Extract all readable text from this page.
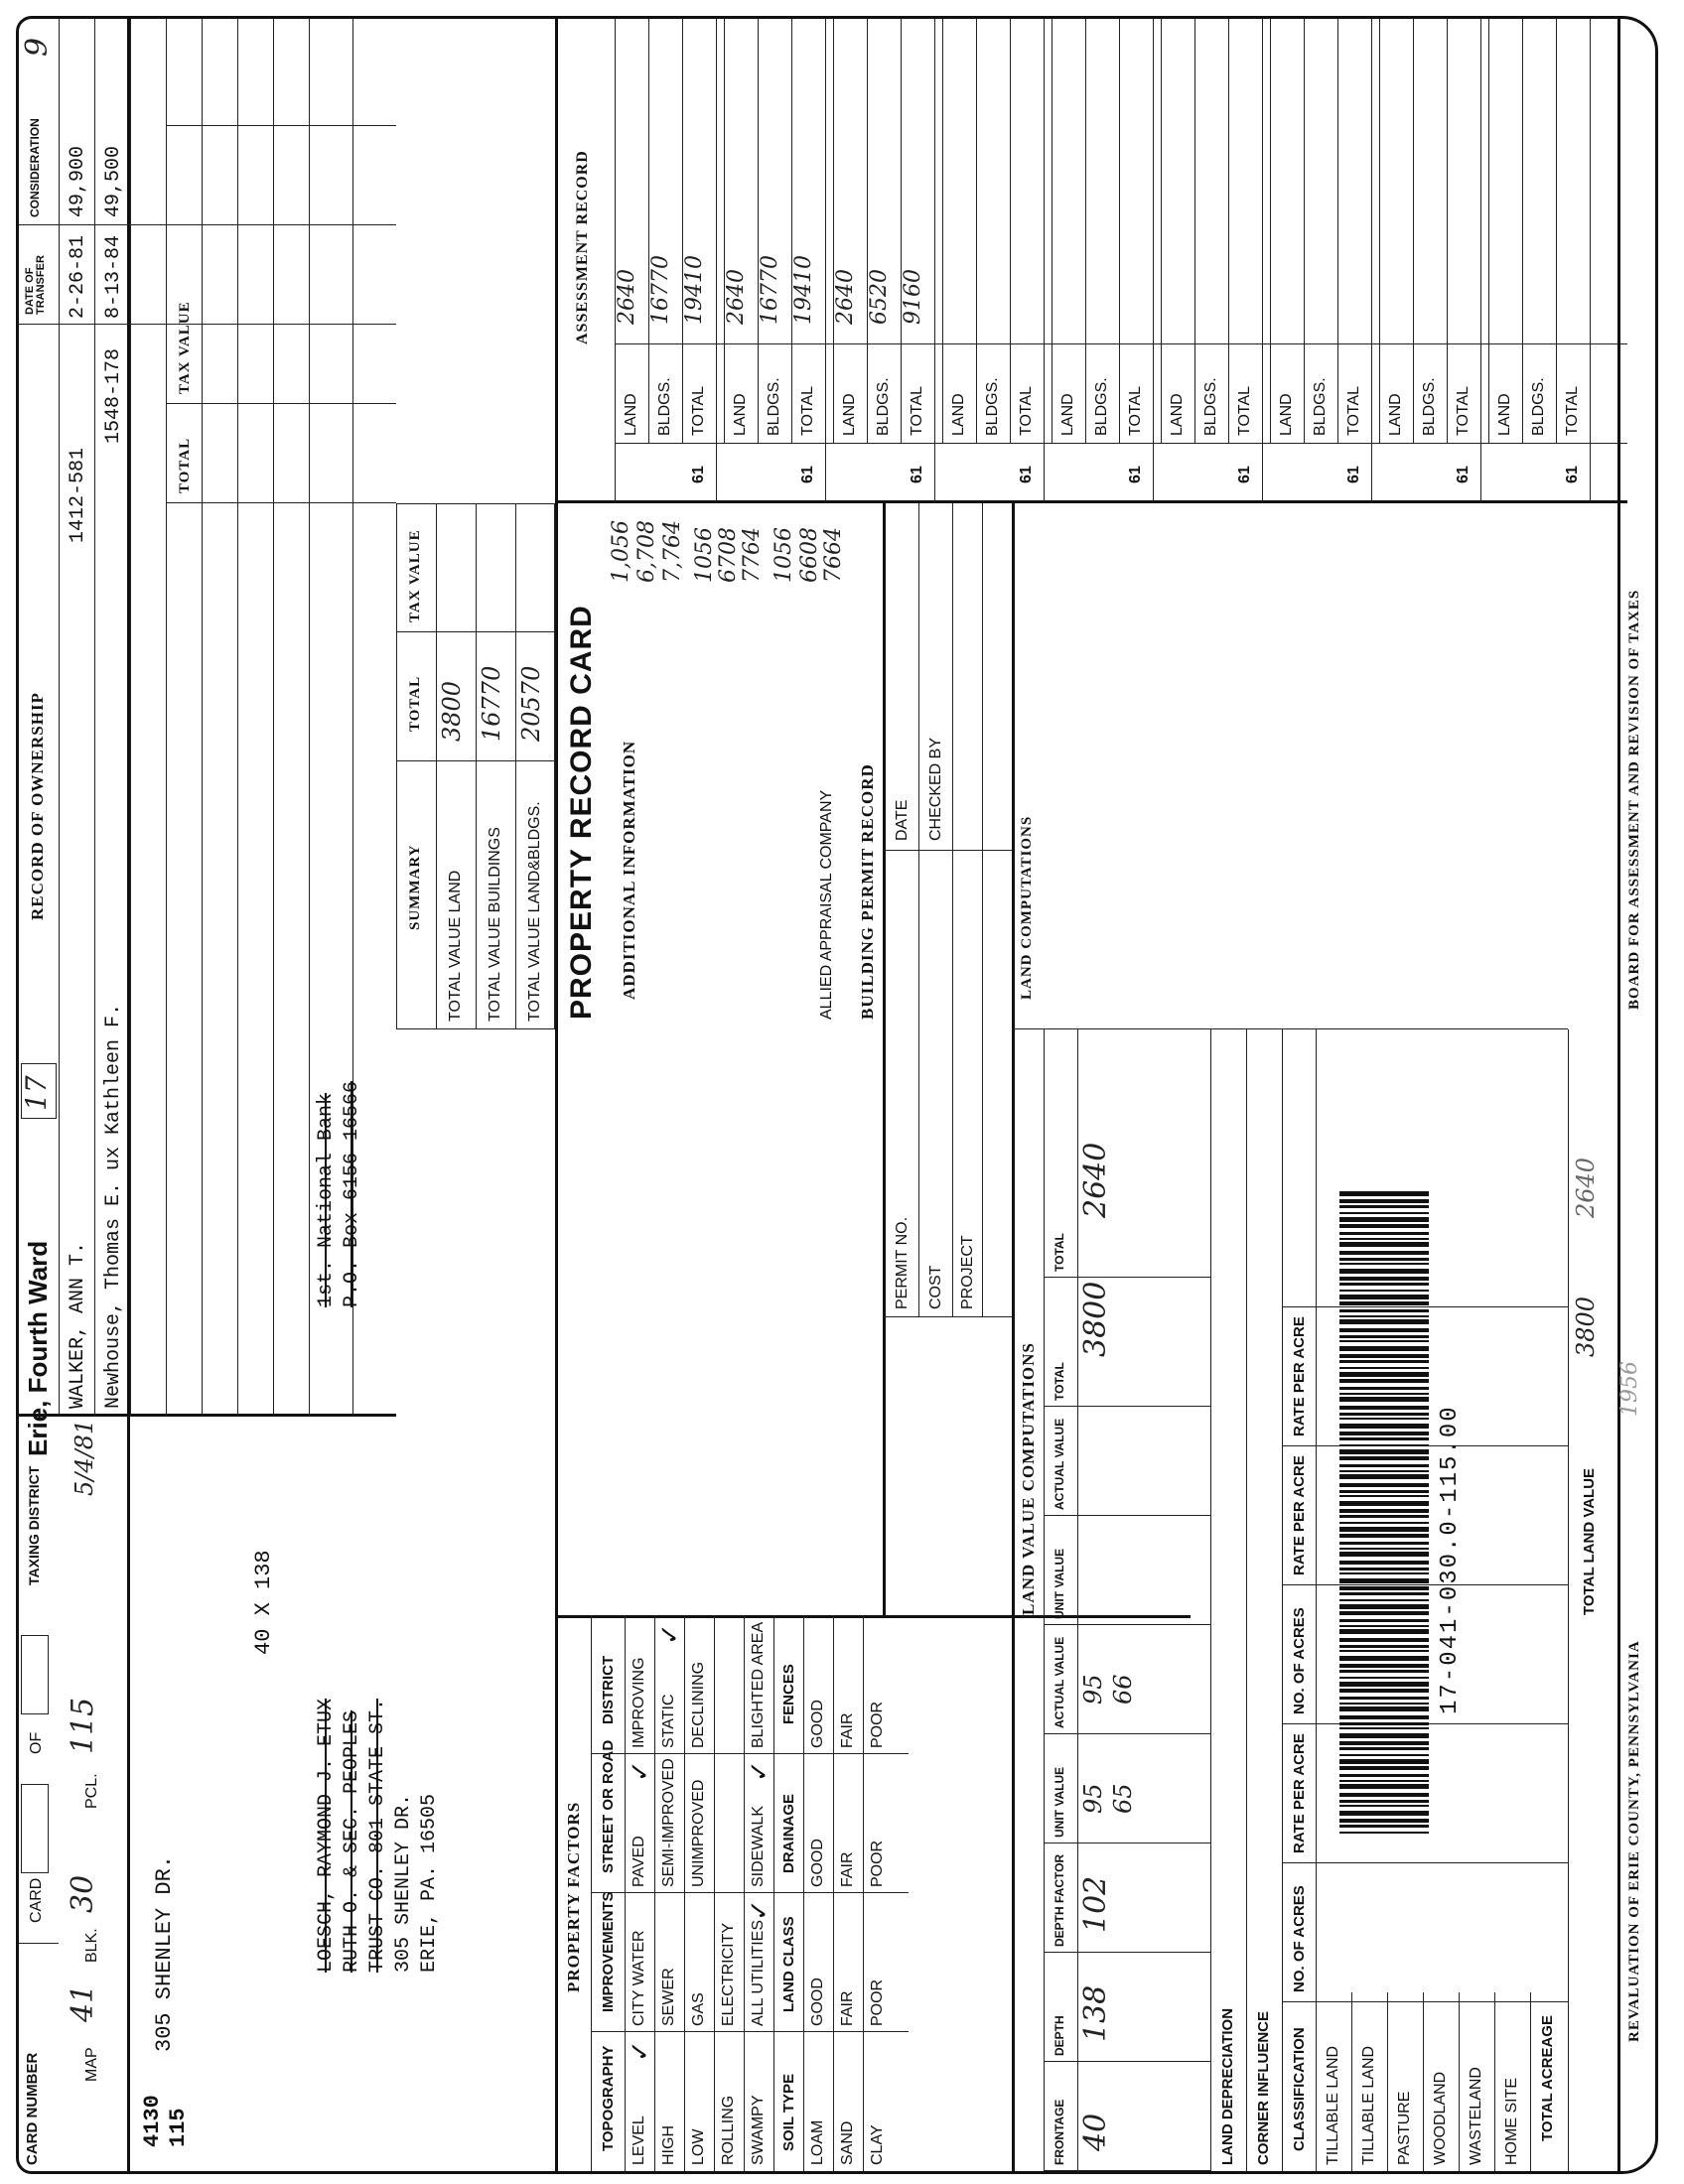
CARD NUMBER
CARD
OF
TAXING DISTRICT
Erie, Fourth Ward
9
17
MAP
41
BLK.
30
PCL.
115
5/4/81
RECORD OF OWNERSHIP
DATE OF TRANSFER
CONSIDERATION
WALKER, ANN T.
1412-581
2-26-81
49,900
Newhouse, Thomas E. ux Kathleen F.
1548-178
8-13-84
49,500
TOTAL
TAX VALUE
4130 115
305 SHENLEY DR.
40 X 138
LOESCH, RAYMOND J. ETUX RUTH O. & SEC. PEOPLES TRUST CO. 801 STATE ST. 305 SHENLEY DR. ERIE, PA. 16505
1st. National Bank P.O. Box 6156 16566
SUMMARY
TOTAL
TAX VALUE
TOTAL VALUE LAND TOTAL VALUE BUILDINGS TOTAL VALUE LAND&BLDGS.
3800 16770 20570 PROPERTY RECORD CARD ADDITIONAL INFORMATION
1,056 6,708 7,764 1056 6708 7764 1056 6608 7664
ALLIED APPRAISAL COMPANY
ASSESSMENT RECORD
LAND
2640
BLDGS.
16770
TOTAL
19410
61
LAND
2640
BLDGS.
16770
TOTAL
19410
61
LAND
2640
BLDGS.
6520
TOTAL
9160
61
LAND BLDGS. TOTAL
61
LAND BLDGS. TOTAL
61
LAND BLDGS. TOTAL
61
LAND BLDGS. TOTAL
61
LAND BLDGS. TOTAL
61
LAND BLDGS. TOTAL
61
PROPERTY FACTORS
TOPOGRAPHY
IMPROVEMENTS
STREET OR ROAD
DISTRICT
LEVEL
CITY WATER
PAVED
IMPROVING
HIGH
SEWER
SEMI-IMPROVED
STATIC
LOW
GAS
UNIMPROVED
DECLINING
ROLLING
ELECTRICITY
SWAMPY
ALL UTILITIES
SIDEWALK
BLIGHTED AREA
✓
✓
✓	✓
✓
SOIL TYPE
LAND CLASS
DRAINAGE
FENCES
LOAM
GOOD
GOOD
GOOD
SAND
FAIR
FAIR
FAIR
CLAY
POOR
POOR
POOR
BUILDING PERMIT RECORD
PERMIT NO. COST PROJECT
DATE CHECKED BY
LAND VALUE COMPUTATIONS
LAND COMPUTATIONS
FRONTAGE
DEPTH
DEPTH FACTOR
UNIT VALUE
ACTUAL VALUE
UNIT VALUE
ACTUAL VALUE
TOTAL
TOTAL
40
138
102
95 65
95 66
3800
2640
LAND DEPRECIATION CORNER INFLUENCE CLASSIFICATION
NO. OF ACRES
RATE PER ACRE
NO. OF ACRES
RATE PER ACRE
RATE PER ACRE
TILLABLE LAND TILLABLE LAND PASTURE WOODLAND WASTELAND HOME SITE TOTAL ACREAGE
TOTAL LAND VALUE
3800
2640
17-041-030.0-115.00
REVALUATION OF ERIE COUNTY, PENNSYLVANIA
1956
BOARD FOR ASSESSMENT AND REVISION OF TAXES
